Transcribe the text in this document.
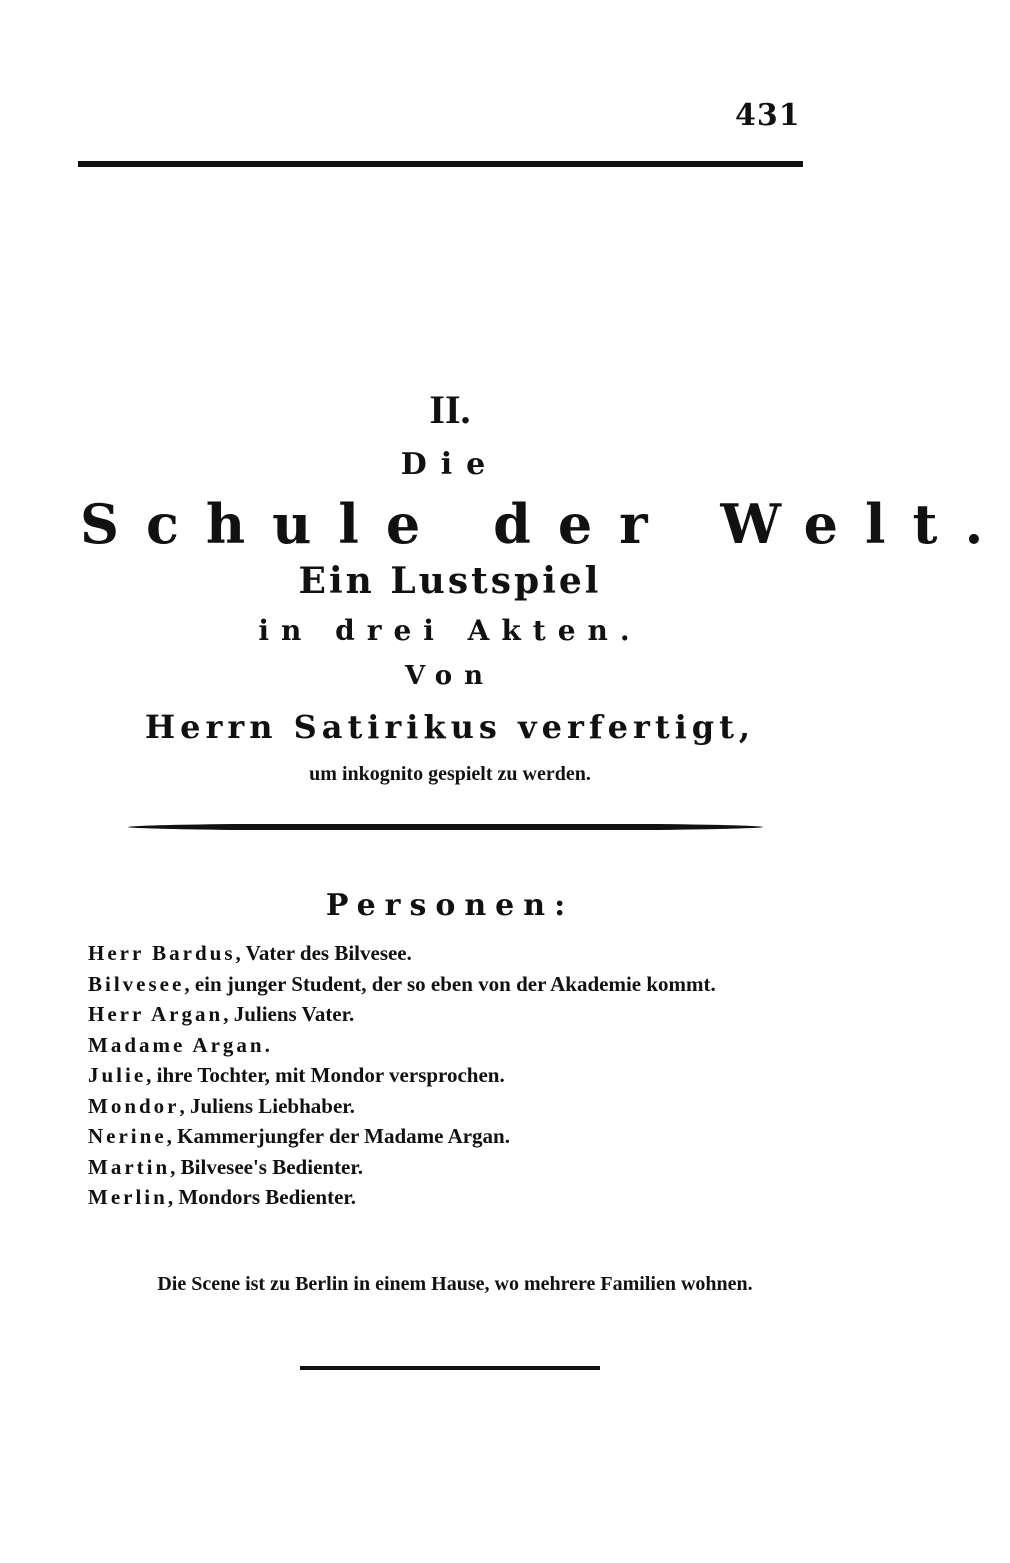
431
II.
Die
Schule der Welt.
Ein Lustspiel
in drei Akten.
Von
Herrn Satirikus verfertigt,
um inkognito gespielt zu werden.
Personen:
Herr Bardus, Vater des Bilvesee.
Bilvesee, ein junger Student, der so eben von der Akademie kommt.
Herr Argan, Juliens Vater.
Madame Argan.
Julie, ihre Tochter, mit Mondor versprochen.
Mondor, Juliens Liebhaber.
Nerine, Kammerjungfer der Madame Argan.
Martin, Bilvesee's Bedienter.
Merlin, Mondors Bedienter.
Die Scene ist zu Berlin in einem Hause, wo mehrere Familien wohnen.
